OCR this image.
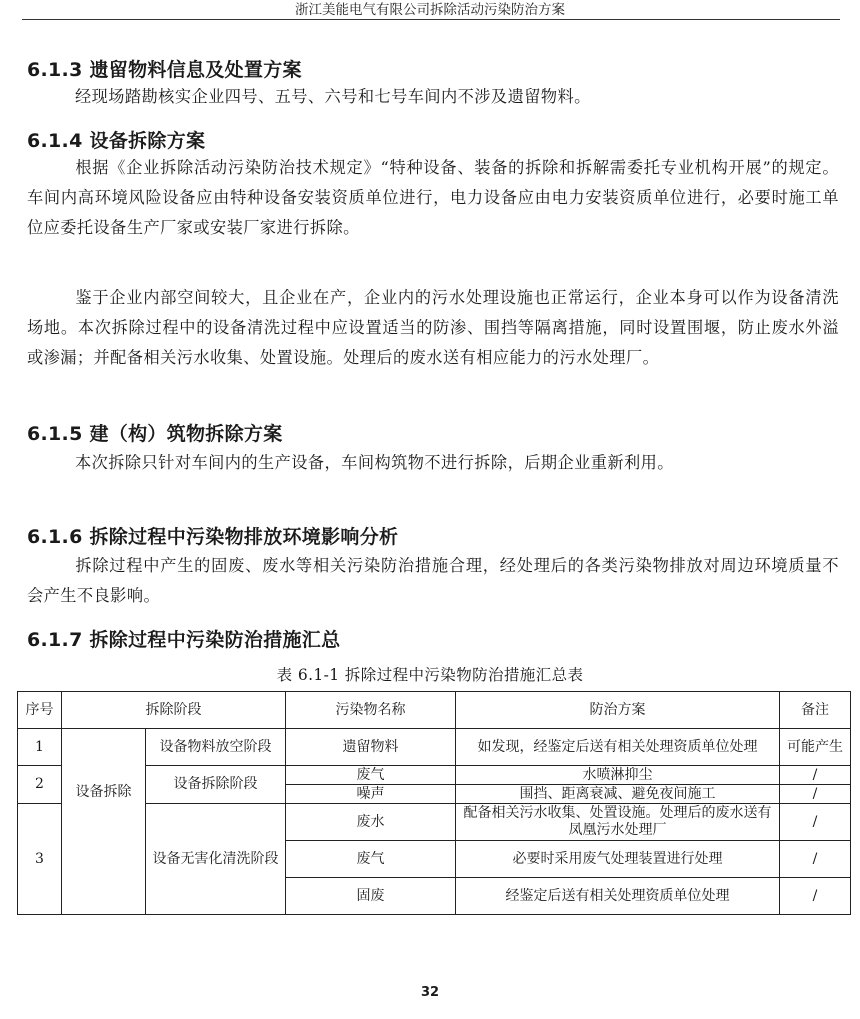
浙江美能电气有限公司拆除活动污染防治方案
6.1.3 遗留物料信息及处置方案

经现场踏勘核实企业四号、五号、六号和七号车间内不涉及遗留物料。

6.1.4 设备拆除方案

根据《企业拆除活动污染防治技术规定》“特种设备、装备的拆除和拆解需委托专业机构开展”的规定。车间内高环境风险设备应由特种设备安装资质单位进行，电力设备应由电力安装资质单位进行，必要时施工单位应委托设备生产厂家或安装厂家进行拆除。

鉴于企业内部空间较大，且企业在产，企业内的污水处理设施也正常运行，企业本身可以作为设备清洗场地。本次拆除过程中的设备清洗过程中应设置适当的防渗、围挡等隔离措施，同时设置围堰，防止废水外溢或渗漏；并配备相关污水收集、处置设施。处理后的废水送有相应能力的污水处理厂。

6.1.5 建（构）筑物拆除方案

本次拆除只针对车间内的生产设备，车间构筑物不进行拆除，后期企业重新利用。

6.1.6 拆除过程中污染物排放环境影响分析

拆除过程中产生的固废、废水等相关污染防治措施合理，经处理后的各类污染物排放对周边环境质量不会产生不良影响。

6.1.7 拆除过程中污染防治措施汇总
表 6.1-1 拆除过程中污染物防治措施汇总表
序号	拆除阶段		污染物名称	防治方案	备注
1	设备拆除	设备物料放空阶段	遗留物料	如发现，经鉴定后送有相关处理资质单位处理	可能产生
2		设备拆除阶段	废气	水喷淋抑尘	/
			噪声	围挡、距离衰减、避免夜间施工	/
3		设备无害化清洗阶段	废水	配备相关污水收集、处置设施。处理后的废水送有凤凰污水处理厂	/
			废气	必要时采用废气处理装置进行处理	/
			固废	经鉴定后送有相关处理资质单位处理	/
32
